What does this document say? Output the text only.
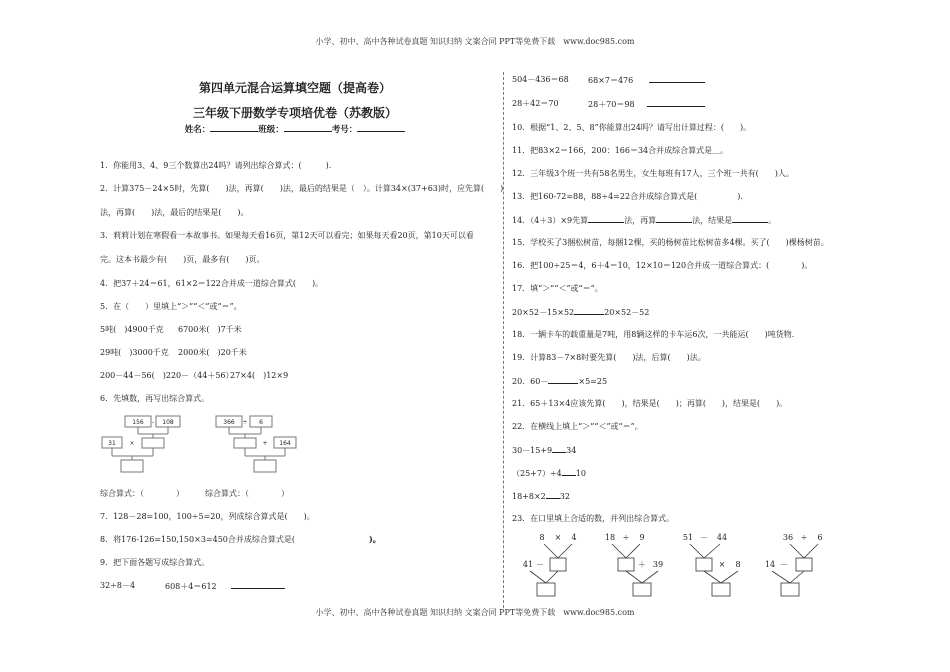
小学、初中、高中各种试卷真题 知识归纳 文案合同 PPT等免费下载　www.doc985.com
第四单元混合运算填空题（提高卷）
三年级下册数学专项培优卷（苏教版）
姓名：	班级：	考号：
1．你能用3、4、9三个数算出24吗？请列出综合算式：(　　　).
2．计算375－24×5时，先算(　　)法，再算(　　)法，最后的结果是（　）。计算34×(37+63)时，应先算(　　)
法，再算(　　)法，最后的结果是(　　)。
3．莉莉计划在寒假看一本故事书。如果每天看16页，第12天可以看完；如果每天看20页，第10天可以看
完。这本书最少有(　　)页，最多有(　　)页。
4．把37＋24＝61，61×2＝122合并成一道综合算式(　　)。
5．在（　　）里填上“＞”“＜”或“＝”。
5吨(　)4900千克 6700米(　)7千米
29吨(　)3000千克 2000米(　)20千米
200－44－56(　)220－（44＋56）
27×4(　)12×9
6．先填数，再写出综合算式。
156 - 108
31 ×
366 ÷ 6
+ 164
综合算式：（　　　　）	综合算式：（　　　　）
7．128－28=100，100÷5=20，列成综合算式是(　　)。
8．将176-126=150,150×3=450合并成综合算式是(	)。
9．把下面各题写成综合算式。
32÷8－4	608＋4＝612
504－436＝68 68×7＝476
28＋42＝70	28＋70＝98
10．根据“1、2、5、8”你能算出24吗？请写出计算过程：(　　)。
11．把83×2＝166，200：166＝34合并成综合算式是＿。
12．三年级3个班一共有58名男生，女生每班有17人，三个班一共有(　　)人。
13．把160-72=88，88÷4=22合并成综合算式是(　　　　　).
14．（4＋3）×9先算	法，再算	法，结果是	。
15．学校买了3捆松树苗，每捆12棵，买的杨树苗比松树苗多4棵。买了(　　)棵杨树苗。
16．把100÷25＝4，6＋4＝10，12×10＝120合并成一道综合算式：(　　　　)。
17．填“＞”“＜”或“＝”。
20×52－15×52	20×52－52
18．一辆卡车的载重量是7吨，用8辆这样的卡车运6次，一共能运(　　)吨货物.
19．计算83－7×8时要先算(　　)法，后算(　　)法。
20．60－	×5=25
21．65＋13×4应该先算(　　)，结果是(　　)；再算(　　)，结果是(　　)。
22．在横线上填上“＞”“＜”或“＝”。
30－15+9 34
（25+7）÷4 10
18+8×2 32
23．在口里填上合适的数，并列出综合算式。
8 × 4
41 －
18 ÷ 9
＋ 39
51 － 44
× 8
36 ÷ 6
14 －
小学、初中、高中各种试卷真题 知识归纳 文案合同 PPT等免费下载　www.doc985.com
